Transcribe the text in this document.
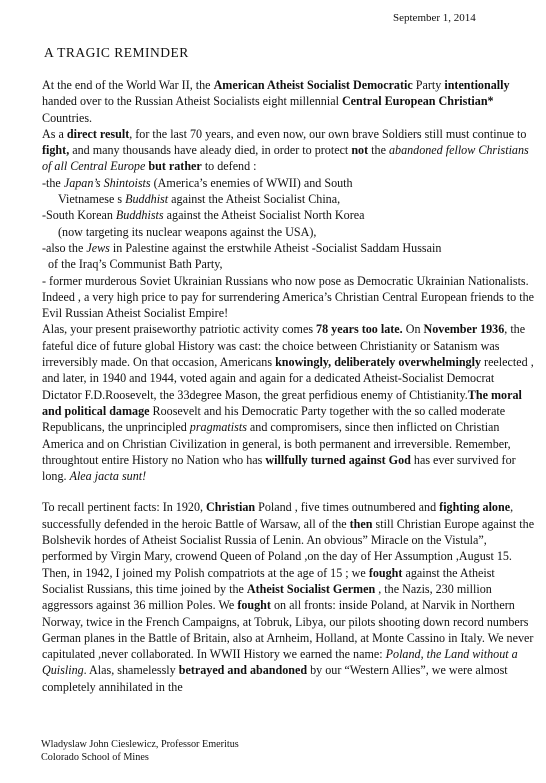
September 1, 2014
A TRAGIC REMINDER

At the end of the World War II, the American Atheist Socialist Democratic Party intentionally handed over to the Russian Atheist Socialists eight millennial Central European Christian* Countries.

As a direct result, for the last 70 years, and even now, our own brave Soldiers still must continue to fight, and many thousands have aleady died, in order to protect not the abandoned fellow Christians of all Central Europe but rather to defend :

-the Japan’s Shintoists (America’s enemies of WWII) and South

Vietnamese s Buddhist against the Atheist Socialist China,

-South Korean Buddhists against the Atheist Socialist North Korea

(now targeting its nuclear weapons against the USA),

-also the Jews in Palestine against the erstwhile Atheist -Socialist Saddam Hussain

of the Iraq’s Communist Bath Party,

- former murderous Soviet Ukrainian Russians who now pose as Democratic Ukrainian Nationalists.

Indeed , a very high price to pay for surrendering America’s Christian Central European friends to the Evil Russian Atheist Socialist Empire!

Alas, your present praiseworthy patriotic activity comes 78 years too late. On November 1936, the fateful dice of future global History was cast: the choice between Christianity or Satanism was irreversibly made. On that occasion, Americans knowingly, deliberately overwhelmingly reelected , and later, in 1940 and 1944, voted again and again for a dedicated Atheist-Socialist Democrat Dictator F.D.Roosevelt, the 33degree Mason, the great perfidious enemy of Chtistianity.The moral and political damage Roosevelt and his Democratic Party together with the so called moderate Republicans, the unprincipled pragmatists and compromisers, since then inflicted on Christian America and on Christian Civilization in general, is both permanent and irreversible. Remember, throughtout entire History no Nation who has willfully turned against God has ever survived for long. Alea jacta sunt!

To recall pertinent facts: In 1920, Christian Poland , five times outnumbered and fighting alone, successfully defended in the heroic Battle of Warsaw, all of the then still Christian Europe against the Bolshevik hordes of Atheist Socialist Russia of Lenin. An obvious” Miracle on the Vistula”, performed by Virgin Mary, crowend Queen of Poland ,on the day of Her Assumption ,August 15. Then, in 1942, I joined my Polish compatriots at the age of 15 ; we fought against the Atheist Socialist Russians, this time joined by the Atheist Socialist Germen , the Nazis, 230 million aggressors against 36 million Poles. We fought on all fronts: inside Poland, at Narvik in Northern Norway, twice in the French Campaigns, at Tobruk, Libya, our pilots shooting down record numbers German planes in the Battle of Britain, also at Arnheim, Holland, at Monte Cassino in Italy. We never capitulated ,never collaborated. In WWII History we earned the name: Poland, the Land without a Quisling. Alas, shamelessly betrayed and abandoned by our “Western Allies”, we were almost completely annihilated in the

Wladyslaw John Cieslewicz, Professor Emeritus
Colorado School of Mines
